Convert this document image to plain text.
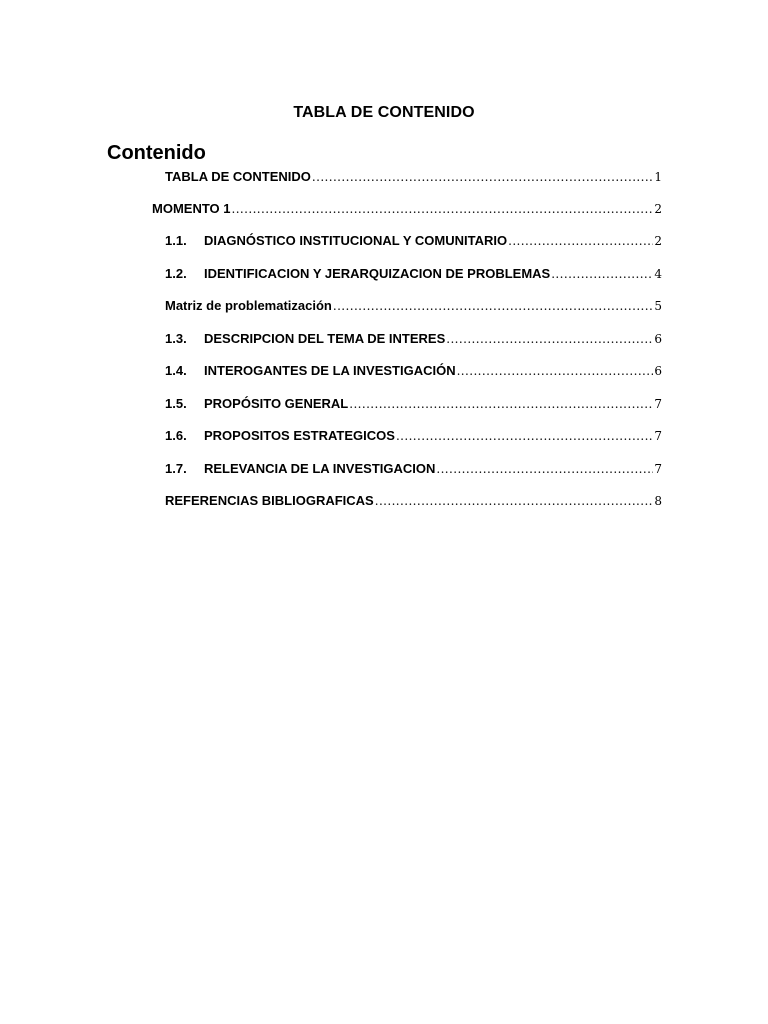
TABLA DE CONTENIDO
Contenido
TABLA DE CONTENIDO .....	1
MOMENTO 1 .....	2
1.1.	DIAGNÓSTICO INSTITUCIONAL Y COMUNITARIO .....	2
1.2.	IDENTIFICACION Y JERARQUIZACION DE PROBLEMAS .....	4
Matriz de problematización .....	5
1.3.	DESCRIPCION DEL TEMA DE INTERES .....	6
1.4.	INTEROGANTES DE LA INVESTIGACIÓN .....	6
1.5.	PROPÓSITO GENERAL .....	7
1.6.	PROPOSITOS ESTRATEGICOS .....	7
1.7.	RELEVANCIA DE LA INVESTIGACION .....	7
REFERENCIAS BIBLIOGRAFICAS .....	8
